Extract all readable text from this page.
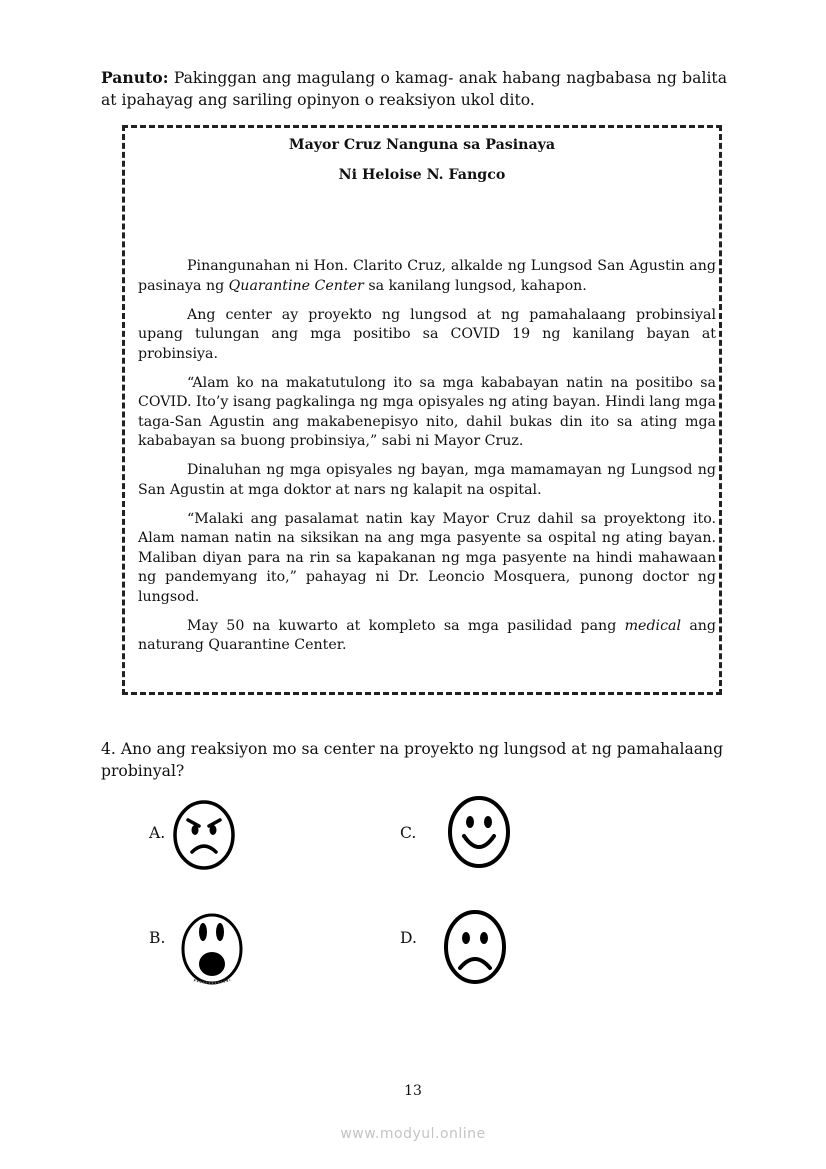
Panuto: Pakinggan ang magulang o kamag- anak habang nagbabasa ng balita at ipahayag ang sariling opinyon o reaksiyon ukol dito.
Mayor Cruz Nanguna sa Pasinaya
Ni Heloise N. Fangco

Pinangunahan ni Hon. Clarito Cruz, alkalde ng Lungsod San Agustin ang pasinaya ng Quarantine Center sa kanilang lungsod, kahapon.

Ang center ay proyekto ng lungsod at ng pamahalaang probinsiyal upang tulungan ang mga positibo sa COVID 19 ng kanilang bayan at probinsiya.

“Alam ko na makatutulong ito sa mga kababayan natin na positibo sa COVID. Ito’y isang pagkalinga ng mga opisyales ng ating bayan. Hindi lang mga taga-San Agustin ang makabenepisyo nito, dahil bukas din ito sa ating mga kababayan sa buong probinsiya,” sabi ni Mayor Cruz.

Dinaluhan ng mga opisyales ng bayan, mga mamamayan ng Lungsod ng San Agustin at mga doktor at nars ng kalapit na ospital.

“Malaki ang pasalamat natin kay Mayor Cruz dahil sa proyektong ito. Alam naman natin na siksikan na ang mga pasyente sa ospital ng ating bayan. Maliban diyan para na rin sa kapakanan ng mga pasyente na hindi mahawaan ng pandemyang ito,” pahayag ni Dr. Leoncio Mosquera, punong doctor ng lungsod.

May 50 na kuwarto at kompleto sa mga pasilidad pang medical ang naturang Quarantine Center.

4. Ano ang reaksiyon mo sa center na proyekto ng lungsod at ng pamahalaang probinyal?
A.
B.
C.
D.
13
www.modyul.online
